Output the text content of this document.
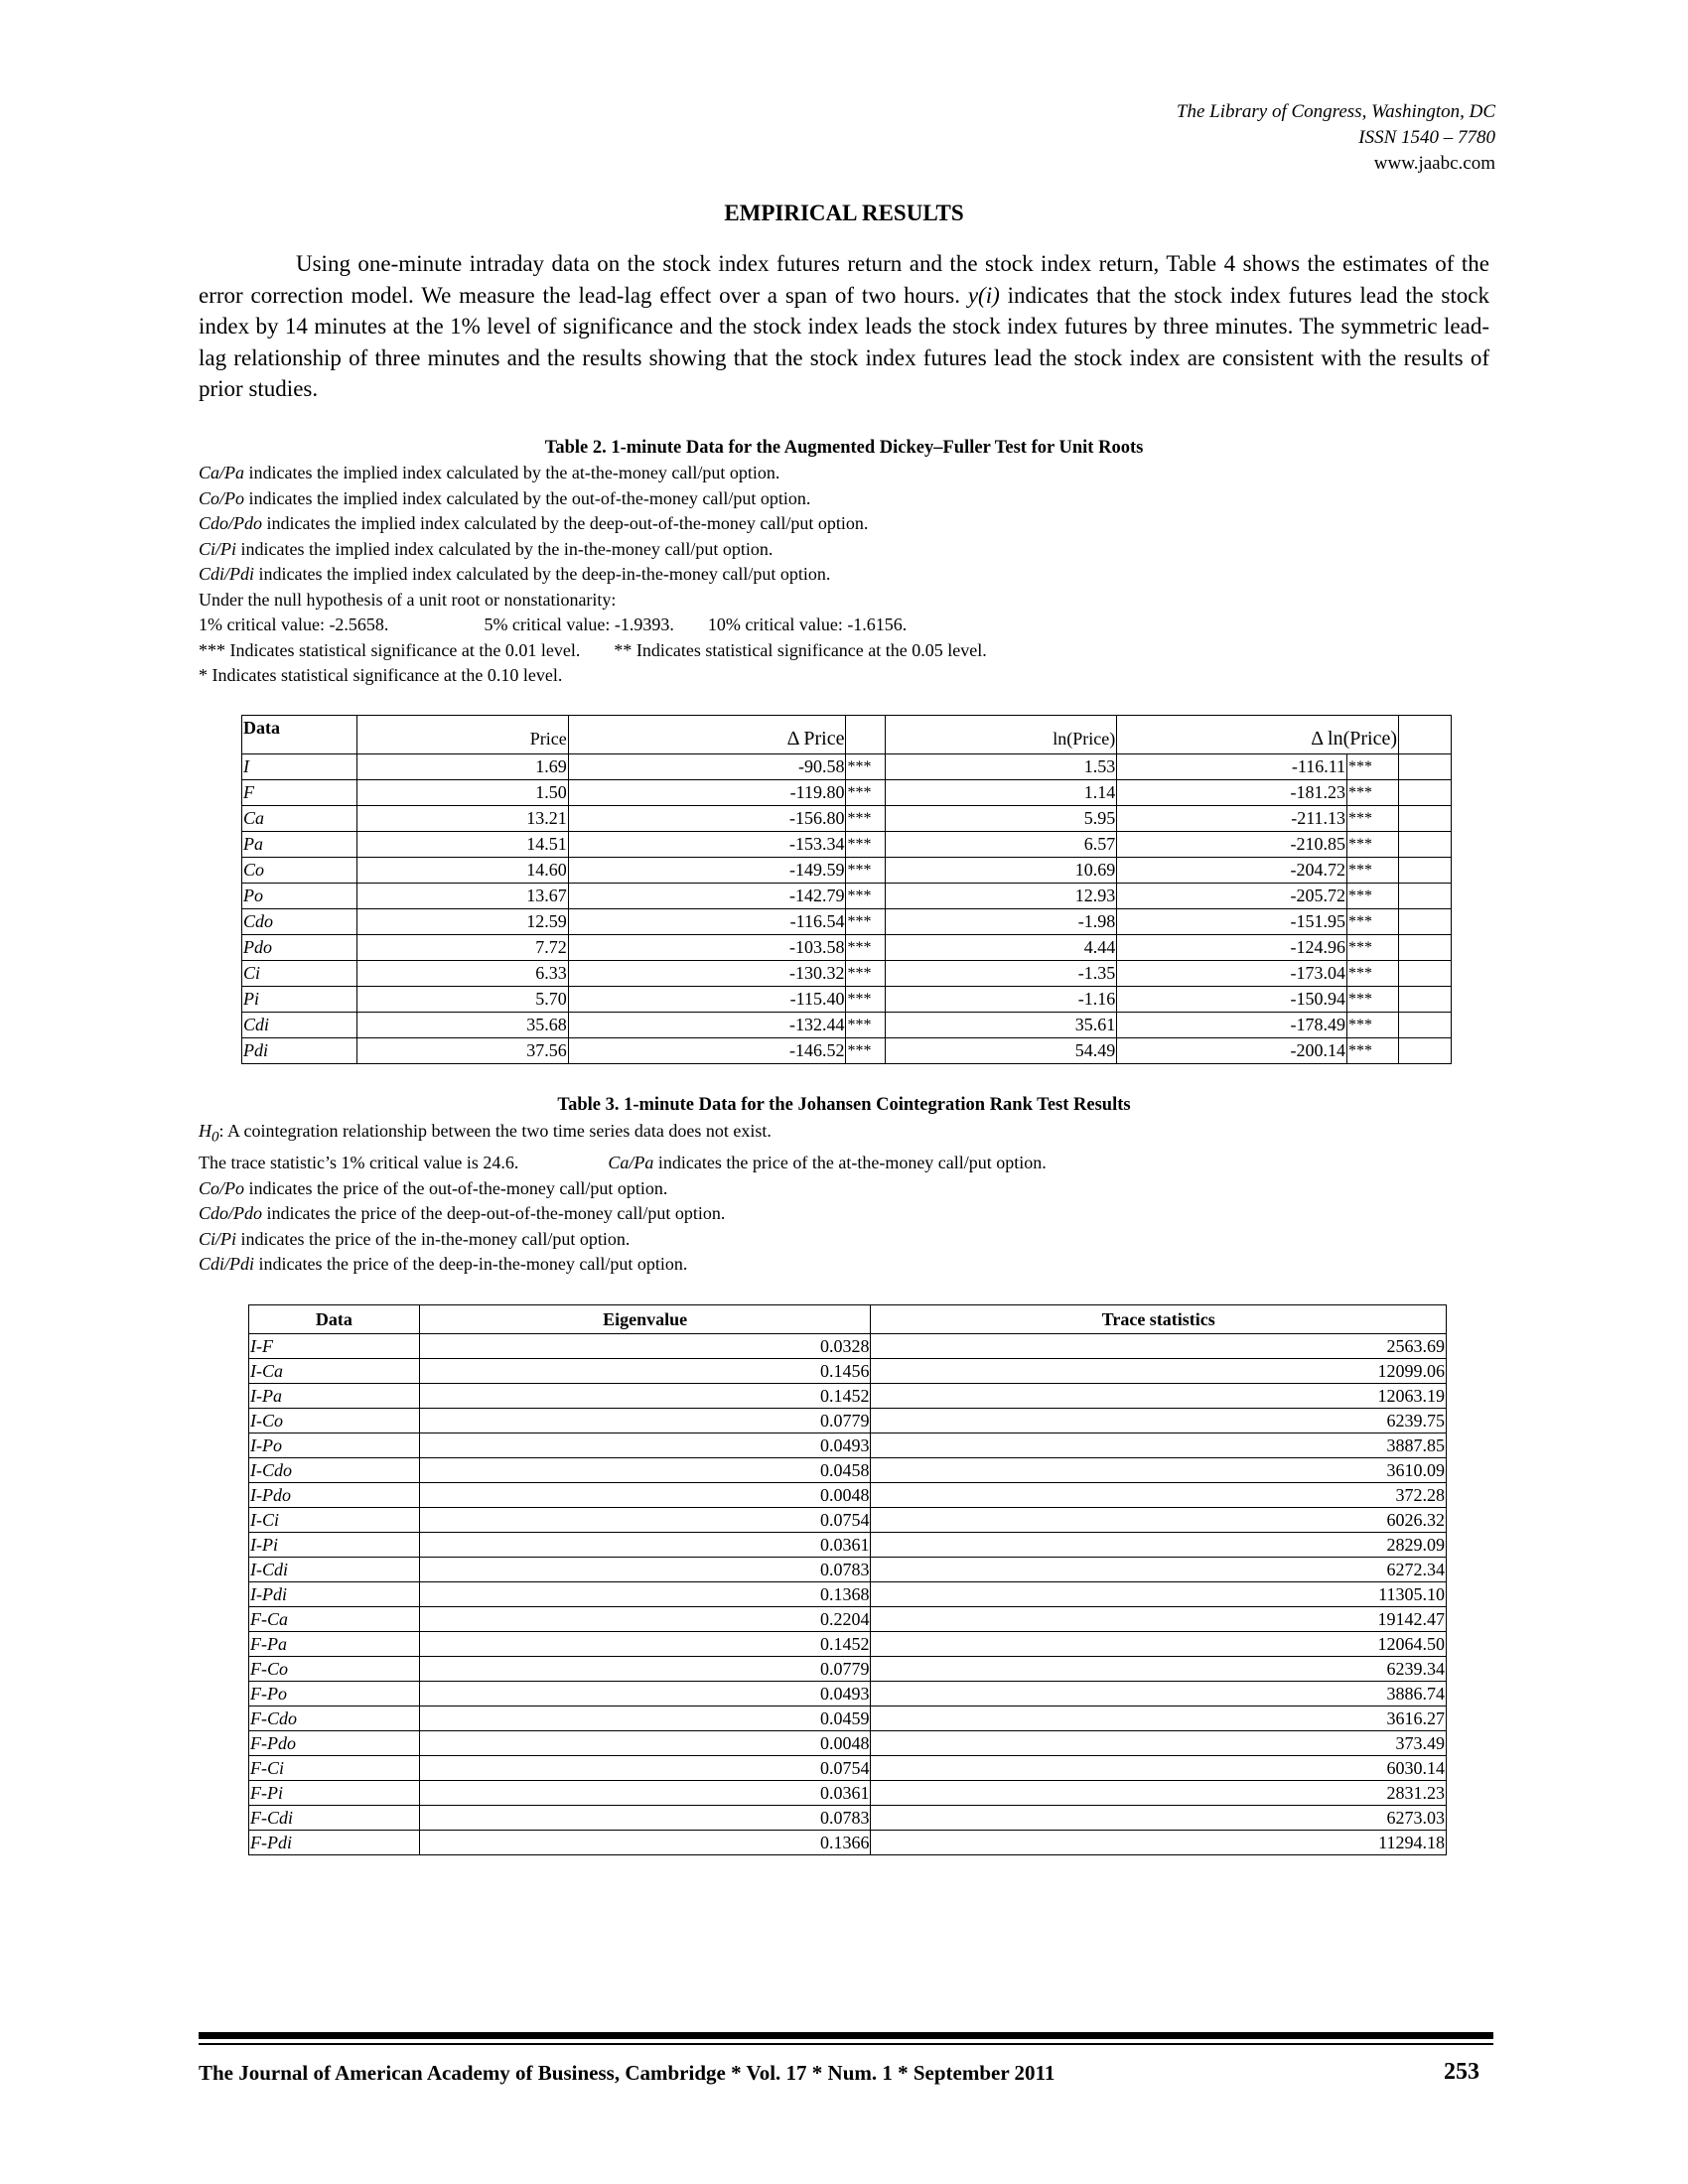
The Library of Congress, Washington, DC
ISSN 1540 – 7780
www.jaabc.com
EMPIRICAL RESULTS
Using one-minute intraday data on the stock index futures return and the stock index return, Table 4 shows the estimates of the error correction model. We measure the lead-lag effect over a span of two hours. y(i) indicates that the stock index futures lead the stock index by 14 minutes at the 1% level of significance and the stock index leads the stock index futures by three minutes. The symmetric lead-lag relationship of three minutes and the results showing that the stock index futures lead the stock index are consistent with the results of prior studies.
Table 2. 1-minute Data for the Augmented Dickey–Fuller Test for Unit Roots
Ca/Pa indicates the implied index calculated by the at-the-money call/put option.
Co/Po indicates the implied index calculated by the out-of-the-money call/put option.
Cdo/Pdo indicates the implied index calculated by the deep-out-of-the-money call/put option.
Ci/Pi indicates the implied index calculated by the in-the-money call/put option.
Cdi/Pdi indicates the implied index calculated by the deep-in-the-money call/put option.
Under the null hypothesis of a unit root or nonstationarity:
1% critical value: -2.5658.	5% critical value: -1.9393. 10% critical value: -1.6156.
*** Indicates statistical significance at the 0.01 level. ** Indicates statistical significance at the 0.05 level.
* Indicates statistical significance at the 0.10 level.
Data	Price	Δ Price		ln(Price)	Δ ln(Price)		
I	1.69	-90.58	***	1.53	-116.11	***	
F	1.50	-119.80	***	1.14	-181.23	***	
Ca	13.21	-156.80	***	5.95	-211.13	***	
Pa	14.51	-153.34	***	6.57	-210.85	***	
Co	14.60	-149.59	***	10.69	-204.72	***	
Po	13.67	-142.79	***	12.93	-205.72	***	
Cdo	12.59	-116.54	***	-1.98	-151.95	***	
Pdo	7.72	-103.58	***	4.44	-124.96	***	
Ci	6.33	-130.32	***	-1.35	-173.04	***	
Pi	5.70	-115.40	***	-1.16	-150.94	***	
Cdi	35.68	-132.44	***	35.61	-178.49	***	
Pdi	37.56	-146.52	***	54.49	-200.14	***	
Table 3. 1-minute Data for the Johansen Cointegration Rank Test Results
$H_0$: A cointegration relationship between the two time series data does not exist.
The trace statistic’s 1% critical value is 24.6.	Ca/Pa indicates the price of the at-the-money call/put option.
Co/Po indicates the price of the out-of-the-money call/put option.
Cdo/Pdo indicates the price of the deep-out-of-the-money call/put option.
Ci/Pi indicates the price of the in-the-money call/put option.
Cdi/Pdi indicates the price of the deep-in-the-money call/put option.
Data	Eigenvalue	Trace statistics
I-F	0.0328	2563.69
I-Ca	0.1456	12099.06
I-Pa	0.1452	12063.19
I-Co	0.0779	6239.75
I-Po	0.0493	3887.85
I-Cdo	0.0458	3610.09
I-Pdo	0.0048	372.28
I-Ci	0.0754	6026.32
I-Pi	0.0361	2829.09
I-Cdi	0.0783	6272.34
I-Pdi	0.1368	11305.10
F-Ca	0.2204	19142.47
F-Pa	0.1452	12064.50
F-Co	0.0779	6239.34
F-Po	0.0493	3886.74
F-Cdo	0.0459	3616.27
F-Pdo	0.0048	373.49
F-Ci	0.0754	6030.14
F-Pi	0.0361	2831.23
F-Cdi	0.0783	6273.03
F-Pdi	0.1366	11294.18
The Journal of American Academy of Business, Cambridge * Vol. 17 * Num. 1 * September 2011	253
